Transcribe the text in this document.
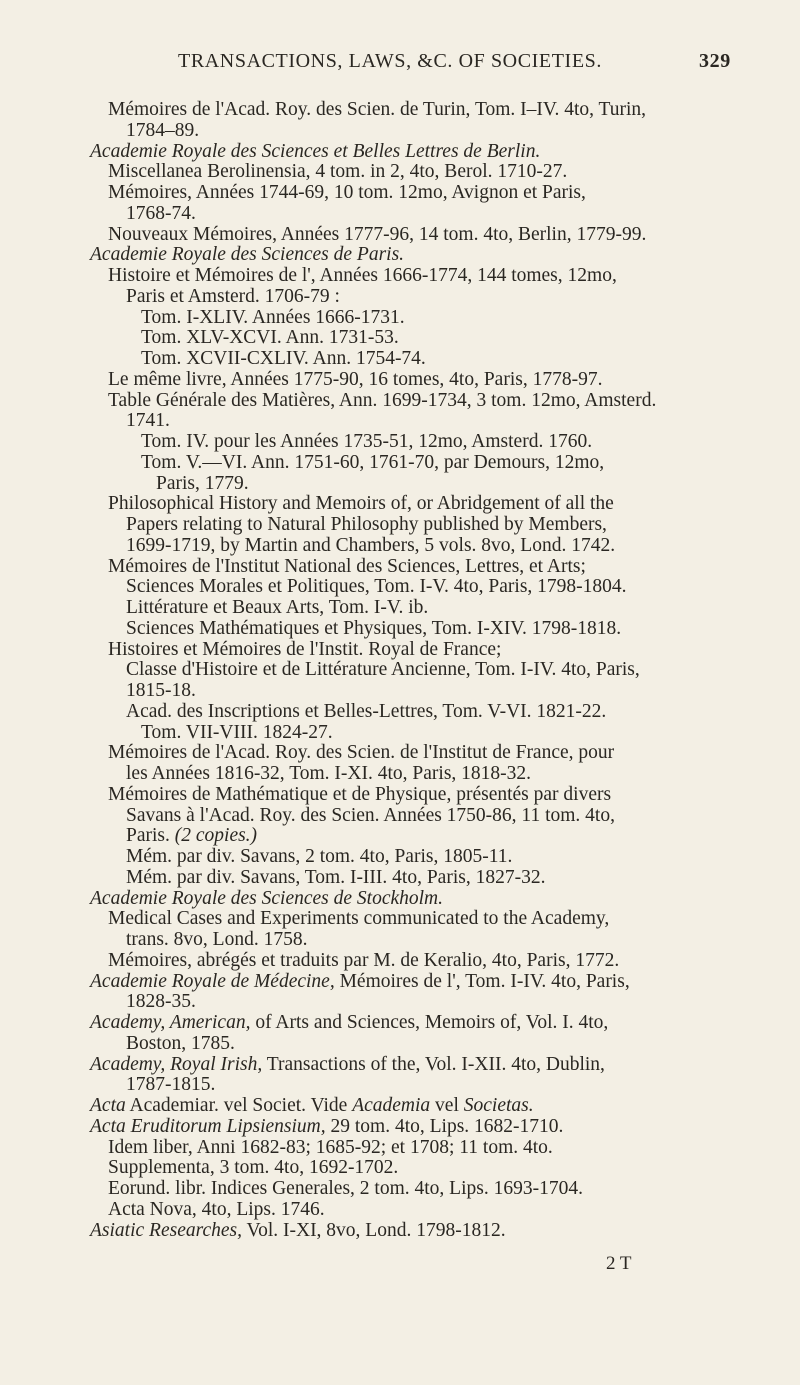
TRANSACTIONS, LAWS, &C. OF SOCIETIES.	329
Mémoires de l'Acad. Roy. des Scien. de Turin, Tom. I–IV. 4to, Turin,
1784–89.
Academie Royale des Sciences et Belles Lettres de Berlin.
Miscellanea Berolinensia, 4 tom. in 2, 4to, Berol. 1710-27.
Mémoires, Années 1744-69, 10 tom. 12mo, Avignon et Paris,
1768-74.
Nouveaux Mémoires, Années 1777-96, 14 tom. 4to, Berlin, 1779-99.
Academie Royale des Sciences de Paris.
Histoire et Mémoires de l', Années 1666-1774, 144 tomes, 12mo,
Paris et Amsterd. 1706-79 :
Tom. I-XLIV. Années 1666-1731.
Tom. XLV-XCVI. Ann. 1731-53.
Tom. XCVII-CXLIV. Ann. 1754-74.
Le même livre, Années 1775-90, 16 tomes, 4to, Paris, 1778-97.
Table Générale des Matières, Ann. 1699-1734, 3 tom. 12mo, Amsterd.
1741.
Tom. IV. pour les Années 1735-51, 12mo, Amsterd. 1760.
Tom. V.—VI. Ann. 1751-60, 1761-70, par Demours, 12mo,
Paris, 1779.
Philosophical History and Memoirs of, or Abridgement of all the
Papers relating to Natural Philosophy published by Members,
1699-1719, by Martin and Chambers, 5 vols. 8vo, Lond. 1742.
Mémoires de l'Institut National des Sciences, Lettres, et Arts;
Sciences Morales et Politiques, Tom. I-V. 4to, Paris, 1798-1804.
Littérature et Beaux Arts, Tom. I-V. ib.
Sciences Mathématiques et Physiques, Tom. I-XIV. 1798-1818.
Histoires et Mémoires de l'Instit. Royal de France;
Classe d'Histoire et de Littérature Ancienne, Tom. I-IV. 4to, Paris,
1815-18.
Acad. des Inscriptions et Belles-Lettres, Tom. V-VI. 1821-22.
Tom. VII-VIII. 1824-27.
Mémoires de l'Acad. Roy. des Scien. de l'Institut de France, pour
les Années 1816-32, Tom. I-XI. 4to, Paris, 1818-32.
Mémoires de Mathématique et de Physique, présentés par divers
Savans à l'Acad. Roy. des Scien. Années 1750-86, 11 tom. 4to,
Paris. (2 copies.)
Mém. par div. Savans, 2 tom. 4to, Paris, 1805-11.
Mém. par div. Savans, Tom. I-III. 4to, Paris, 1827-32.
Academie Royale des Sciences de Stockholm.
Medical Cases and Experiments communicated to the Academy,
trans. 8vo, Lond. 1758.
Mémoires, abrégés et traduits par M. de Keralio, 4to, Paris, 1772.
Academie Royale de Médecine, Mémoires de l', Tom. I-IV. 4to, Paris,
1828-35.
Academy, American, of Arts and Sciences, Memoirs of, Vol. I. 4to,
Boston, 1785.
Academy, Royal Irish, Transactions of the, Vol. I-XII. 4to, Dublin,
1787-1815.
Acta Academiar. vel Societ. Vide Academia vel Societas.
Acta Eruditorum Lipsiensium, 29 tom. 4to, Lips. 1682-1710.
Idem liber, Anni 1682-83; 1685-92; et 1708; 11 tom. 4to.
Supplementa, 3 tom. 4to, 1692-1702.
Eorund. libr. Indices Generales, 2 tom. 4to, Lips. 1693-1704.
Acta Nova, 4to, Lips. 1746.
Asiatic Researches, Vol. I-XI, 8vo, Lond. 1798-1812.
2 T
